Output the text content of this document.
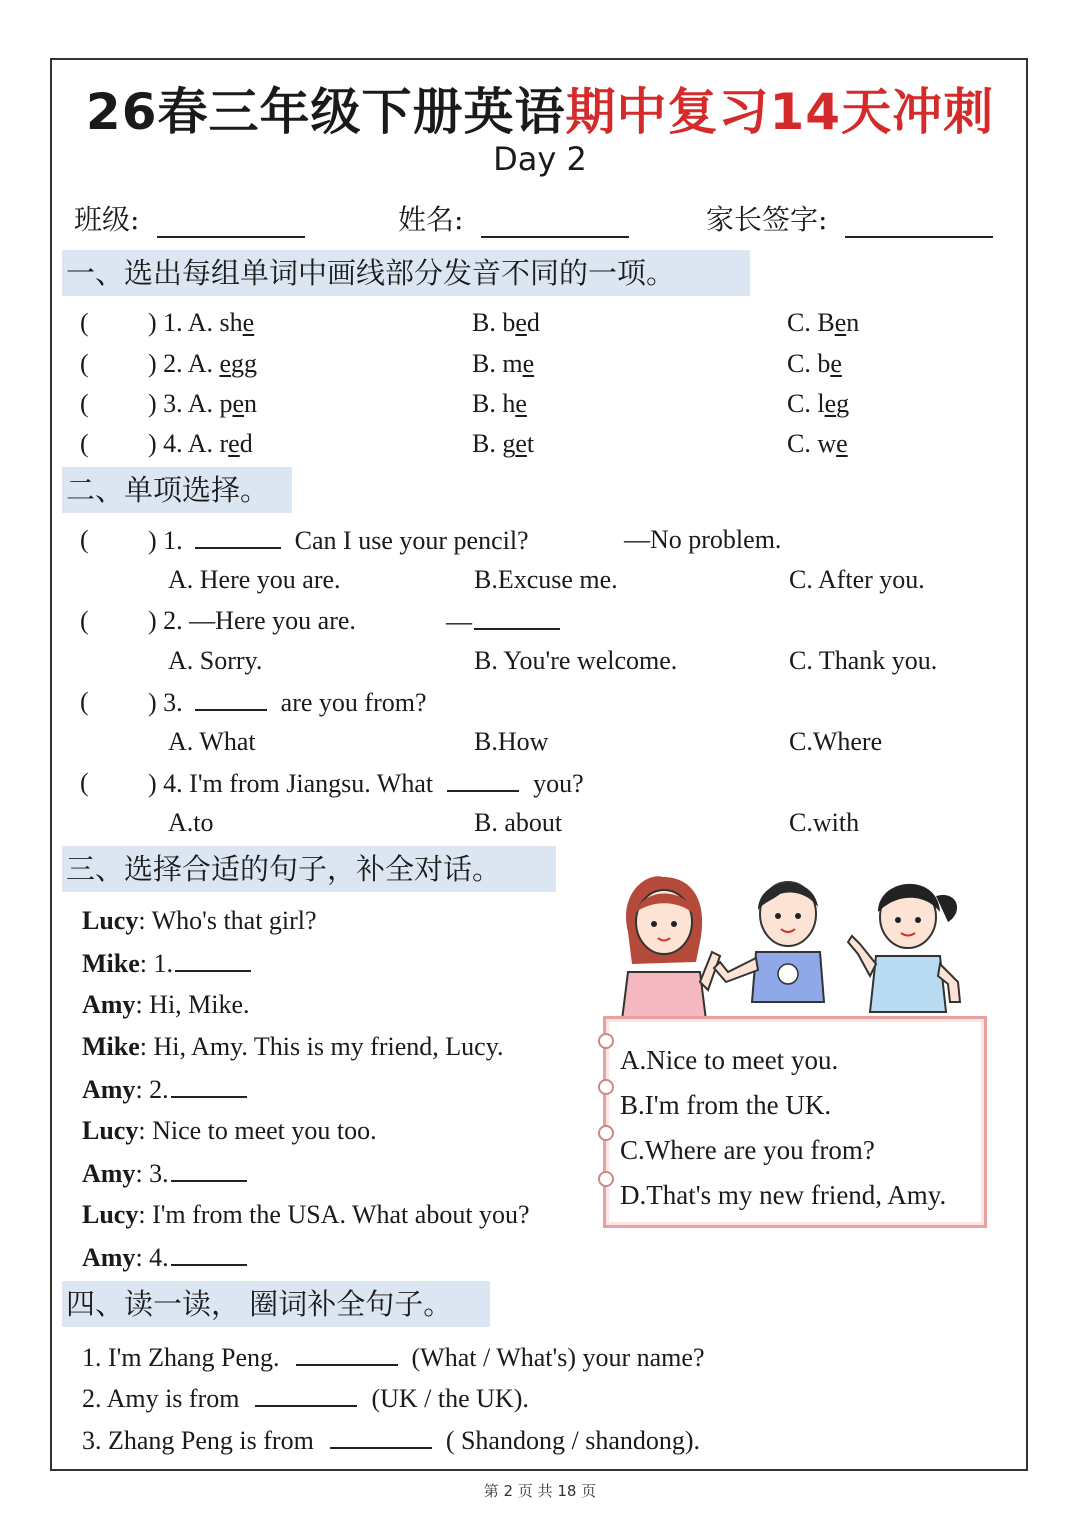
26春三年级下册英语期中复习14天冲刺
Day 2
班级:	姓名:	家长签字:
一、选出每组单词中画线部分发音不同的一项。
( ) 1. A. she	B. bed	C. Ben
( ) 2. A. egg	B. me	C. be
( ) 3. A. pen	B. he	C. leg
( ) 4. A. red	B. get	C. we
二、单项选择。
( ) 1.	Can I use your pencil?	—No problem.
A. Here you are.	B.Excuse me.	C. After you.
( ) 2. —Here you are.	—
A. Sorry.	B. You're welcome.	C. Thank you.
( ) 3.	are you from?
A. What	B.How	C.Where
( ) 4. I'm from Jiangsu. What	you?
A.to	B. about	C.with
三、选择合适的句子，补全对话。
Lucy: Who's that girl?
Mike: 1.
Amy: Hi, Mike.
Mike: Hi, Amy. This is my friend, Lucy.
Amy: 2.
Lucy: Nice to meet you too.
Amy: 3.
Lucy: I'm from the USA. What about you?
Amy: 4.
A.Nice to meet you.
B.I'm from the UK.
C.Where are you from?
D.That's my new friend, Amy.
四、读一读， 圈词补全句子。
1. I'm Zhang Peng.	(What / What's) your name?
2. Amy is from	(UK / the UK).
3. Zhang Peng is from	( Shandong / shandong).
第 2 页 共 18 页
